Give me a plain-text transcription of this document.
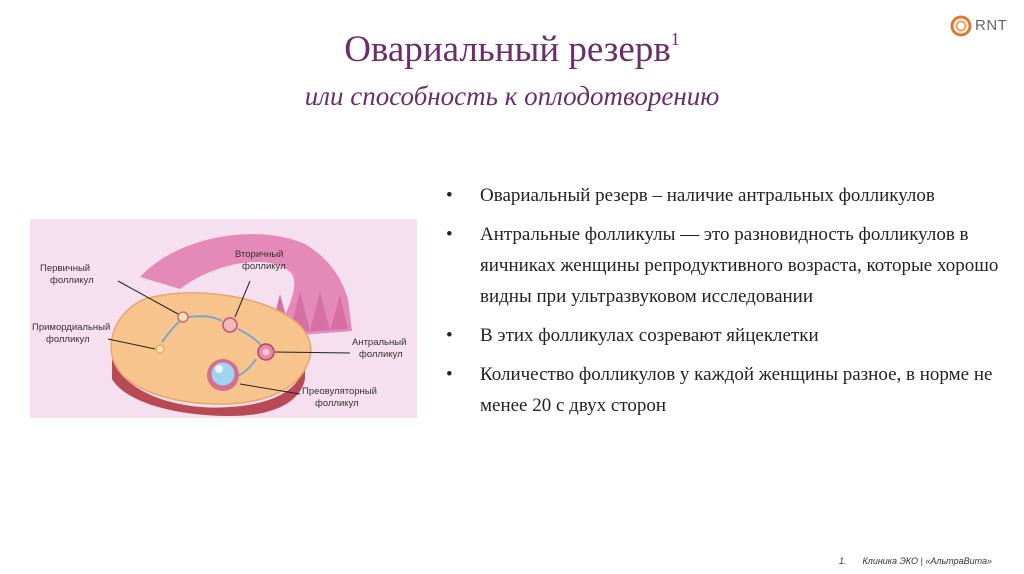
Овариальный резерв$^1$
или способность к оплодотворению
RNT
Первичный
фолликул
Вторичный
фолликул
Примордиальный
фолликул	Антральный
фолликул
Преовуляторный
фолликул
• Овариальный резерв – наличие антральных фолликулов
• Антральные фолликулы — это разновидность фолликулов в яичниках женщины репродуктивного возраста, которые хорошо видны при ультразвуковом исследовании
• В этих фолликулах созревают яйцеклетки
• Количество фолликулов у каждой женщины разное, в норме не менее 20 с двух сторон
1. Клиника ЭКО | «АльтраВита»
